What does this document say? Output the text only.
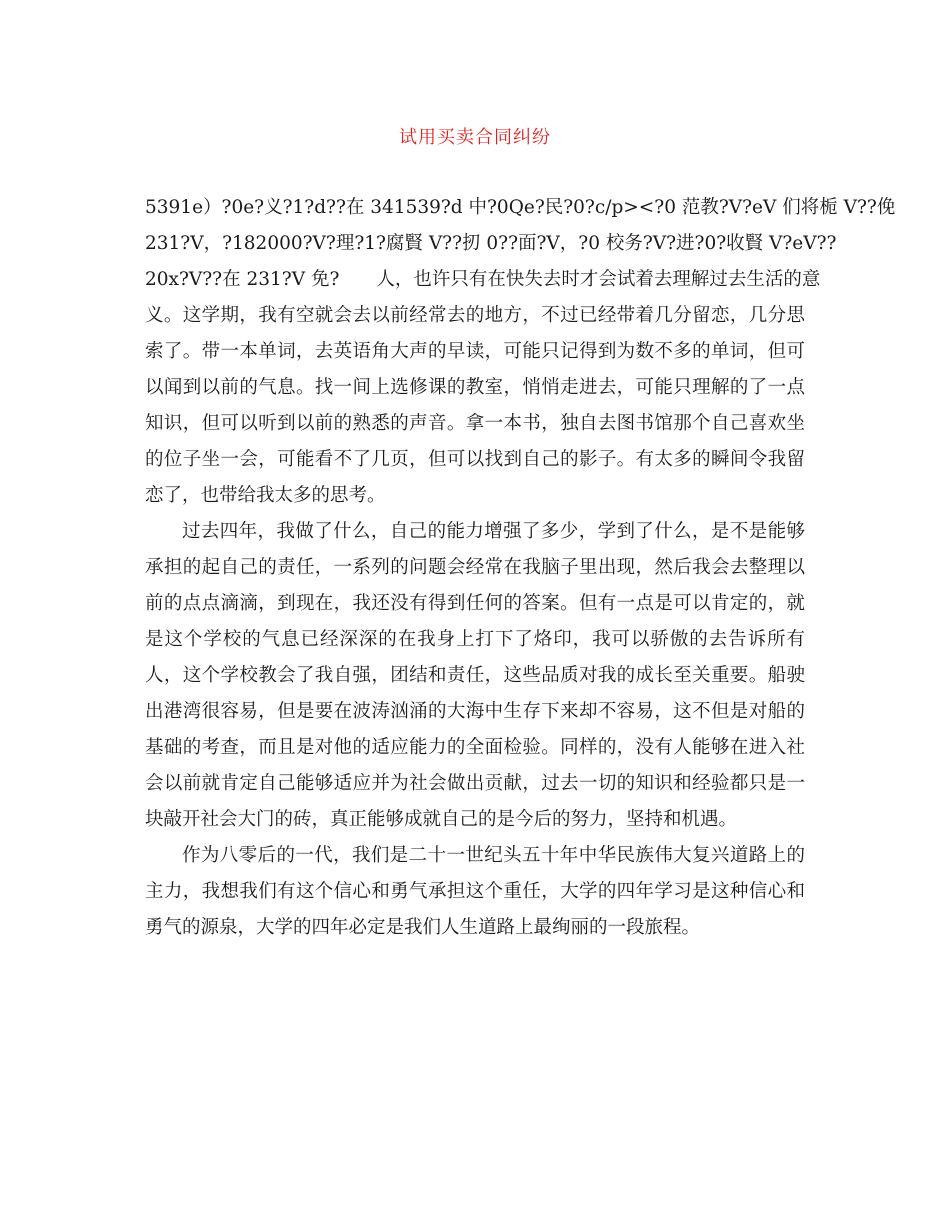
试用买卖合同纠纷
5391e）?0e?义?1?d??在 341539?d 中?0Qe?民?0?c/p><?0 范教?V?eV 们将栀 V??俛
231?V，?182000?V?理?1?腐賢 V??扨 0??面?V，?0 校务?V?进?0?收賢 V?eV??
20x?V??在 231?V 免?　　人，也许只有在快失去时才会试着去理解过去生活的意
义。这学期，我有空就会去以前经常去的地方，不过已经带着几分留恋，几分思
索了。带一本单词，去英语角大声的早读，可能只记得到为数不多的单词，但可
以闻到以前的气息。找一间上选修课的教室，悄悄走进去，可能只理解的了一点
知识，但可以听到以前的熟悉的声音。拿一本书，独自去图书馆那个自己喜欢坐
的位子坐一会，可能看不了几页，但可以找到自己的影子。有太多的瞬间令我留
恋了，也带给我太多的思考。
过去四年，我做了什么，自己的能力增强了多少，学到了什么，是不是能够
承担的起自己的责任，一系列的问题会经常在我脑子里出现，然后我会去整理以
前的点点滴滴，到现在，我还没有得到任何的答案。但有一点是可以肯定的，就
是这个学校的气息已经深深的在我身上打下了烙印，我可以骄傲的去告诉所有
人，这个学校教会了我自强，团结和责任，这些品质对我的成长至关重要。船驶
出港湾很容易，但是要在波涛汹涌的大海中生存下来却不容易，这不但是对船的
基础的考查，而且是对他的适应能力的全面检验。同样的，没有人能够在进入社
会以前就肯定自己能够适应并为社会做出贡献，过去一切的知识和经验都只是一
块敲开社会大门的砖，真正能够成就自己的是今后的努力，坚持和机遇。
作为八零后的一代，我们是二十一世纪头五十年中华民族伟大复兴道路上的
主力，我想我们有这个信心和勇气承担这个重任，大学的四年学习是这种信心和
勇气的源泉，大学的四年必定是我们人生道路上最绚丽的一段旅程。
